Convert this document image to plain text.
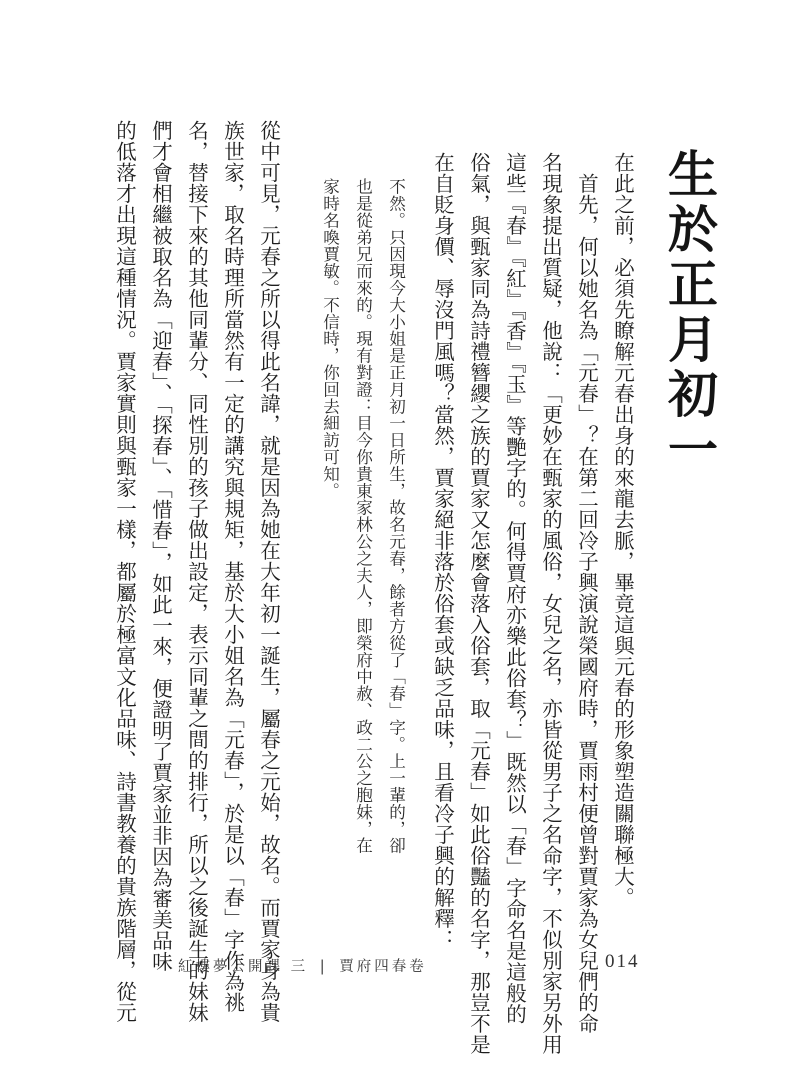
生於正月初一
在此之前，必須先瞭解元春出身的來龍去脈，畢竟這與元春的形象塑造關聯極大。
首先，何以她名為「元春」？在第二回冷子興演說榮國府時，賈雨村便曾對賈家為女兒們的命
名現象提出質疑，他說：「更妙在甄家的風俗，女兒之名，亦皆從男子之名命字，不似別家另外用
這些『春』『紅』『香』『玉』等艷字的。何得賈府亦樂此俗套？」既然以「春」字命名是這般的
俗氣，與甄家同為詩禮簪纓之族的賈家又怎麼會落入俗套，取「元春」如此俗豔的名字，那豈不是
在自貶身價、辱沒門風嗎？當然，賈家絕非落於俗套或缺乏品味，且看冷子興的解釋：
不然。只因現今大小姐是正月初一日所生，故名元春，餘者方從了「春」字。上一輩的，卻
也是從弟兄而來的。現有對證：目今你貴東家林公之夫人，即榮府中赦、政二公之胞妹，在
家時名喚賈敏。不信時，你回去細訪可知。
從中可見，元春之所以得此名諱，就是因為她在大年初一誕生，屬春之元始，故名。而賈家身為貴
族世家，取名時理所當然有一定的講究與規矩，基於大小姐名為「元春」，於是以「春」字作為祧
名，替接下來的其他同輩分、同性別的孩子做出設定，表示同輩之間的排行，所以之後誕生的妹妹
們才會相繼被取名為「迎春」、「探春」、「惜春」，如此一來，便證明了賈家並非因為審美品味
的低落才出現這種情況。賈家實則與甄家一樣，都屬於極富文化品味、詩書教養的貴族階層，從元	紅樓夢公開課 三 | 賈府四春卷	014
